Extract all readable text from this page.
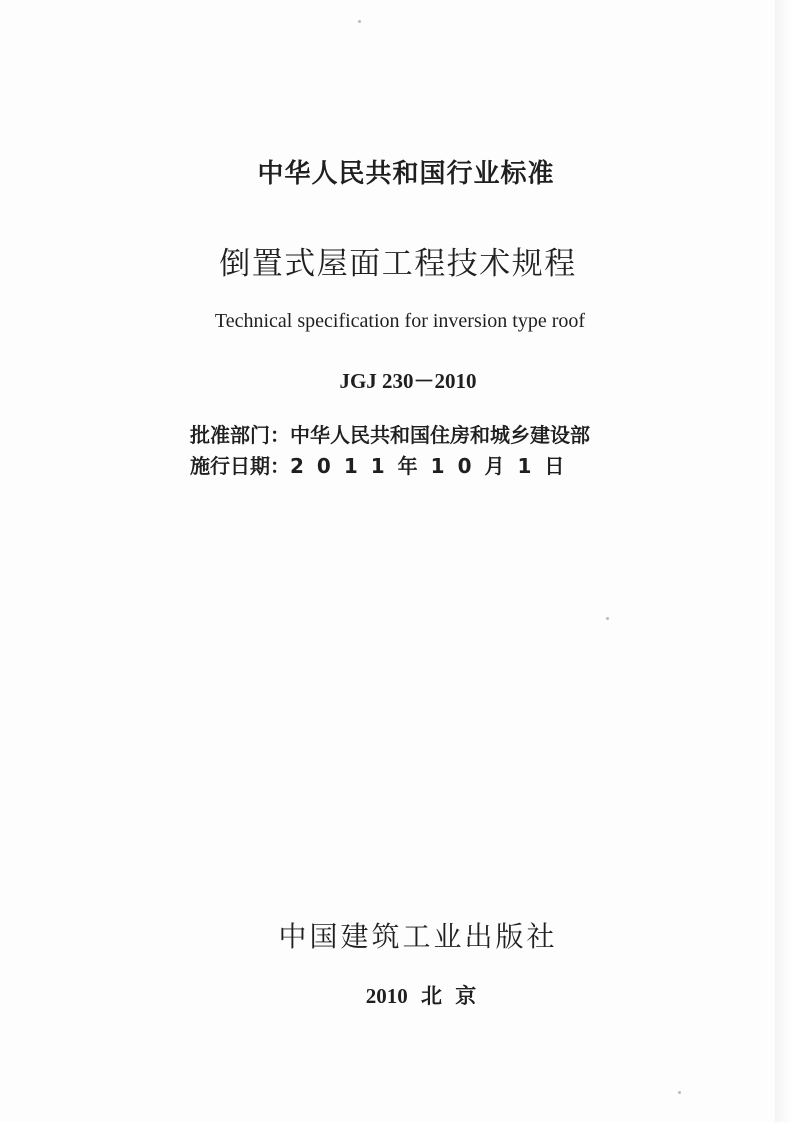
中华人民共和国行业标准
倒置式屋面工程技术规程
Technical specification for inversion type roof
JGJ 230－2010
批准部门：中华人民共和国住房和城乡建设部
施行日期：2011年10月1日
中国建筑工业出版社
2010 北 京
